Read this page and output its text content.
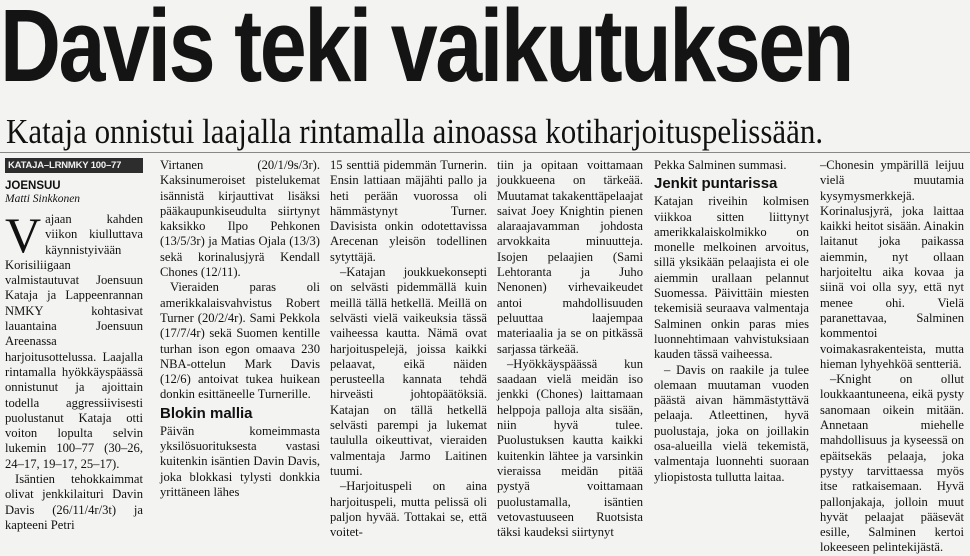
Davis teki vaikutuksen
Kataja onnistui laajalla rintamalla ainoassa kotiharjoituspelissään.
KATAJA–LRNMKY 100–77
JOENSUU
Matti Sinkkonen
V ajaan kahden viikon kiulluttava käynnistyivään Korisiliigaan valmistautuvat Joensuun Kataja ja Lappeenrannan NMKY kohtasivat lauantaina Joensuun Areenassa harjoitusottelussa. Laajalla rintamalla hyökkäyspäässä onnistunut ja ajoittain todella aggressiivisesti puolustanut Kataja otti voiton lopulta selvin lukemin 100–77 (30–26, 24–17, 19–17, 25–17).

Isäntien tehokkaimmat olivat jenkkilaituri Davin Davis (26/11/4r/3t) ja kapteeni Petri

Virtanen (20/1/9s/3r). Kaksinumeroiset pistelukemat isännistä kirjauttivat lisäksi pääkaupunkiseudulta siirtynyt kaksikko Ilpo Pehkonen (13/5/3r) ja Matias Ojala (13/3) sekä korinalusjyrä Kendall Chones (12/11).

Vieraiden paras oli amerikkalaisvahvistus Robert Turner (20/2/4r). Sami Pekkola (17/7/4r) sekä Suomen kentille turhan ison egon omaava 230 NBA-ottelun Mark Davis (12/6) antoivat tukea huikean donkin esittäneelle Turnerille.

Blokin mallia

Päivän komeimmasta yksilösuorituksesta vastasi kuitenkin isäntien Davin Davis, joka blokkasi tylysti donkkia yrittäneen lähes

15 senttiä pidemmän Turnerin. Ensin lattiaan mäjähti pallo ja heti perään vuorossa oli hämmästynyt Turner. Davisista onkin odotettavissa Arecenan yleisön todellinen sytyttäjä.

–Katajan joukkuekonsepti on selvästi pidemmällä kuin meillä tällä hetkellä. Meillä on selvästi vielä vaikeuksia tässä vaiheessa kautta. Nämä ovat harjoituspelejä, joissa kaikki pelaavat, eikä näiden perusteella kannata tehdä hirveästi johtopäätöksiä. Katajan on tällä hetkellä selvästi parempi ja lukemat taululla oikeuttivat, vieraiden valmentaja Jarmo Laitinen tuumi.

–Harjoituspeli on aina harjoituspeli, mutta pelissä oli paljon hyvää. Tottakai se, että voitet-

tiin ja opitaan voittamaan joukkueena on tärkeää. Muutamat takakenttäpelaajat saivat Joey Knightin pienen alaraajavamman johdosta arvokkaita minuutteja. Isojen pelaajien (Sami Lehtoranta ja Juho Nenonen) virhevaikeudet antoi mahdollisuuden peluuttaa laajempaa materiaalia ja se on pitkässä sarjassa tärkeää.

–Hyökkäyspäässä kun saadaan vielä meidän iso jenkki (Chones) laittamaan helppoja palloja alta sisään, niin hyvä tulee. Puolustuksen kautta kaikki kuitenkin lähtee ja varsinkin vieraissa meidän pitää pystyä voittamaan puolustamalla, isäntien vetovastuuseen Ruotsista täksi kaudeksi siirtynyt

Pekka Salminen summasi.

Jenkit puntarissa

Katajan riveihin kolmisen viikkoa sitten liittynyt amerikkalaiskolmikko on monelle melkoinen arvoitus, sillä yksikään pelaajista ei ole aiemmin urallaan pelannut Suomessa. Päivittäin miesten tekemisiä seuraava valmentaja Salminen onkin paras mies luonnehtimaan vahvistuksiaan kauden tässä vaiheessa.

– Davis on raakile ja tulee olemaan muutaman vuoden päästä aivan hämmästyttävä pelaaja. Atleettinen, hyvä puolustaja, joka on joillakin osa-alueilla vielä tekemistä, valmentaja luonnehti suoraan yliopistosta tullutta laitaa.

–Chonesin ympärillä leijuu vielä muutamia kysymysmerkkejä. Korinalusjyrä, joka laittaa kaikki heitot sisään. Ainakin laitanut joka paikassa aiemmin, nyt ollaan harjoiteltu aika kovaa ja siinä voi olla syy, että nyt menee ohi. Vielä paranettavaa, Salminen kommentoi voimakasrakenteista, mutta hieman lyhyehköä sentteriä.

–Knight on ollut loukkaantuneena, eikä pysty sanomaan oikein mitään. Annetaan miehelle mahdollisuus ja kyseessä on epäitsekäs pelaaja, joka pystyy tarvittaessa myös itse ratkaisemaan. Hyvä pallonjakaja, jolloin muut hyvät pelaajat pääsevät esille, Salminen kertoi lokeeseen pelintekijästä.
